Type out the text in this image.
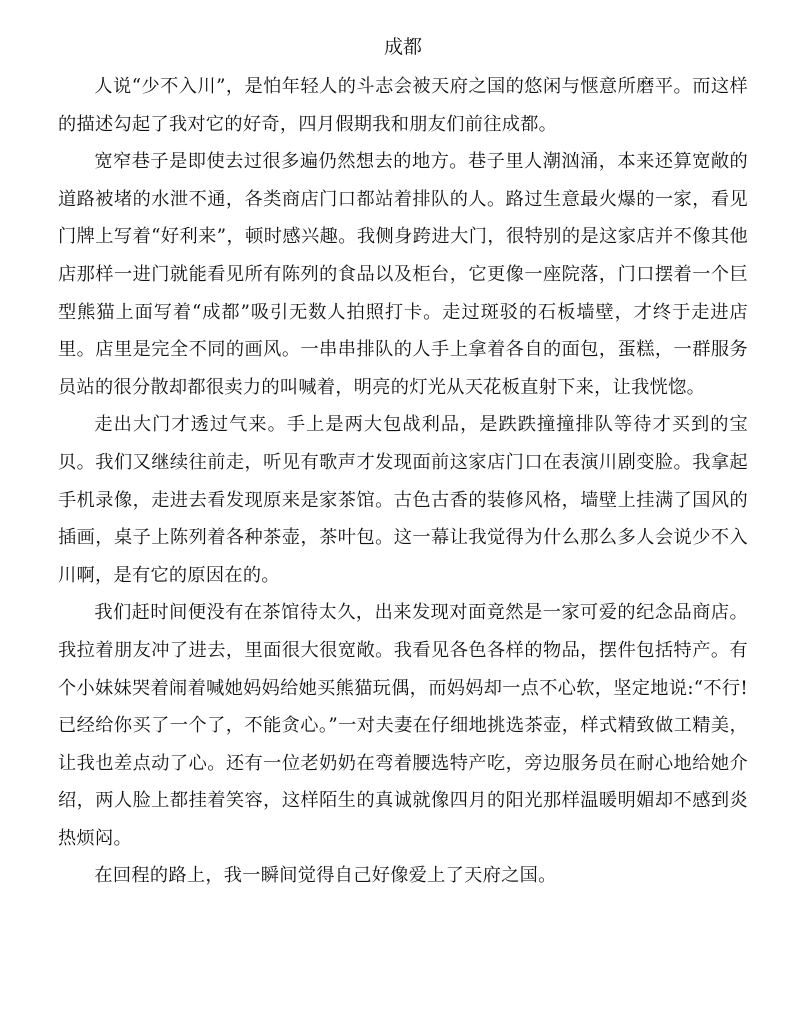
成都

人说“少不入川”，是怕年轻人的斗志会被天府之国的悠闲与惬意所磨平。而这样的描述勾起了我对它的好奇，四月假期我和朋友们前往成都。

宽窄巷子是即使去过很多遍仍然想去的地方。巷子里人潮汹涌，本来还算宽敞的道路被堵的水泄不通，各类商店门口都站着排队的人。路过生意最火爆的一家，看见门牌上写着“好利来”，顿时感兴趣。我侧身跨进大门，很特别的是这家店并不像其他店那样一进门就能看见所有陈列的食品以及柜台，它更像一座院落，门口摆着一个巨型熊猫上面写着“成都”吸引无数人拍照打卡。走过斑驳的石板墙壁，才终于走进店里。店里是完全不同的画风。一串串排队的人手上拿着各自的面包，蛋糕，一群服务员站的很分散却都很卖力的叫喊着，明亮的灯光从天花板直射下来，让我恍惚。

走出大门才透过气来。手上是两大包战利品，是跌跌撞撞排队等待才买到的宝贝。我们又继续往前走，听见有歌声才发现面前这家店门口在表演川剧变脸。我拿起手机录像，走进去看发现原来是家茶馆。古色古香的装修风格，墙壁上挂满了国风的插画，桌子上陈列着各种茶壶，茶叶包。这一幕让我觉得为什么那么多人会说少不入川啊，是有它的原因在的。

我们赶时间便没有在茶馆待太久，出来发现对面竟然是一家可爱的纪念品商店。我拉着朋友冲了进去，里面很大很宽敞。我看见各色各样的物品，摆件包括特产。有个小妹妹哭着闹着喊她妈妈给她买熊猫玩偶，而妈妈却一点不心软，坚定地说:“不行!已经给你买了一个了，不能贪心。”一对夫妻在仔细地挑选茶壶，样式精致做工精美，让我也差点动了心。还有一位老奶奶在弯着腰选特产吃，旁边服务员在耐心地给她介绍，两人脸上都挂着笑容，这样陌生的真诚就像四月的阳光那样温暖明媚却不感到炎热烦闷。

在回程的路上，我一瞬间觉得自己好像爱上了天府之国。
